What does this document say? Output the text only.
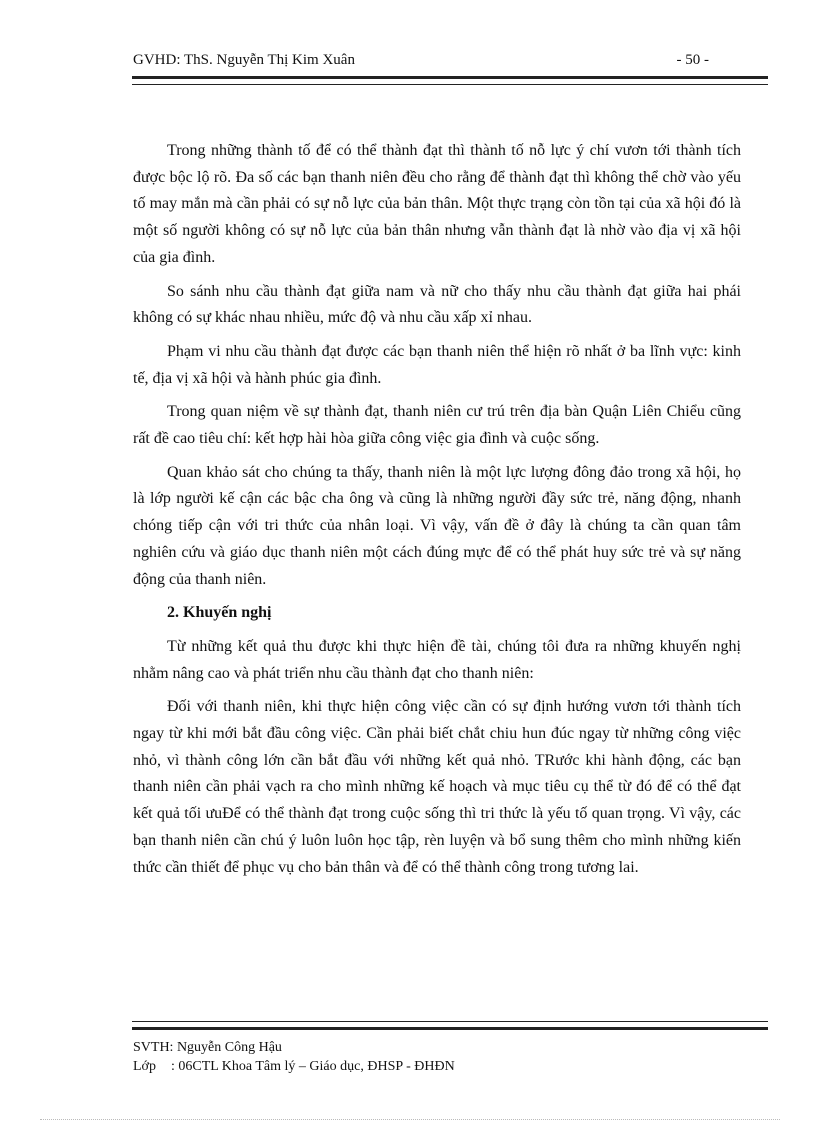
GVHD: ThS. Nguyễn Thị Kim Xuân	- 50 -

Trong những thành tố để có thể thành đạt thì thành tố nỗ lực ý chí vươn tới thành tích được bộc lộ rõ. Đa số các bạn thanh niên đều cho rằng để thành đạt thì không thể chờ vào yếu tố may mắn mà cần phải có sự nỗ lực của bản thân. Một thực trạng còn tồn tại của xã hội đó là một số người không có sự nỗ lực của bản thân nhưng vẫn thành đạt là nhờ vào địa vị xã hội của gia đình.

So sánh nhu cầu thành đạt giữa nam và nữ cho thấy nhu cầu thành đạt giữa hai phái không có sự khác nhau nhiều, mức độ và nhu cầu xấp xỉ nhau.

Phạm vi nhu cầu thành đạt được các bạn thanh niên thể hiện rõ nhất ở ba lĩnh vực: kinh tế, địa vị xã hội và hành phúc gia đình.

Trong quan niệm về sự thành đạt, thanh niên cư trú trên địa bàn Quận Liên Chiểu cũng rất đề cao tiêu chí: kết hợp hài hòa giữa công việc gia đình và cuộc sống.

Quan khảo sát cho chúng ta thấy, thanh niên là một lực lượng đông đảo trong xã hội, họ là lớp người kế cận các bậc cha ông và cũng là những người đầy sức trẻ, năng động, nhanh chóng tiếp cận với tri thức của nhân loại. Vì vậy, vấn đề ở đây là chúng ta cần quan tâm nghiên cứu và giáo dục thanh niên một cách đúng mực để có thể phát huy sức trẻ và sự năng động của thanh niên.

2. Khuyến nghị

Từ những kết quả thu được khi thực hiện đề tài, chúng tôi đưa ra những khuyến nghị nhằm nâng cao và phát triển nhu cầu thành đạt cho thanh niên:

Đối với thanh niên, khi thực hiện công việc cần có sự định hướng vươn tới thành tích ngay từ khi mới bắt đầu công việc. Cần phải biết chắt chiu hun đúc ngay từ những công việc nhỏ, vì thành công lớn cần bắt đầu với những kết quả nhỏ. TRước khi hành động, các bạn thanh niên cần phải vạch ra cho mình những kế hoạch và mục tiêu cụ thể từ đó để có thể đạt kết quả tối ưuĐể có thể thành đạt trong cuộc sống thì tri thức là yếu tố quan trọng. Vì vậy, các bạn thanh niên cần chú ý luôn luôn học tập, rèn luyện và bổ sung thêm cho mình những kiến thức cần thiết để phục vụ cho bản thân và để có thể thành công trong tương lai.

SVTH: Nguyễn Công Hậu
Lớp : 06CTL Khoa Tâm lý – Giáo dục, ĐHSP - ĐHĐN
